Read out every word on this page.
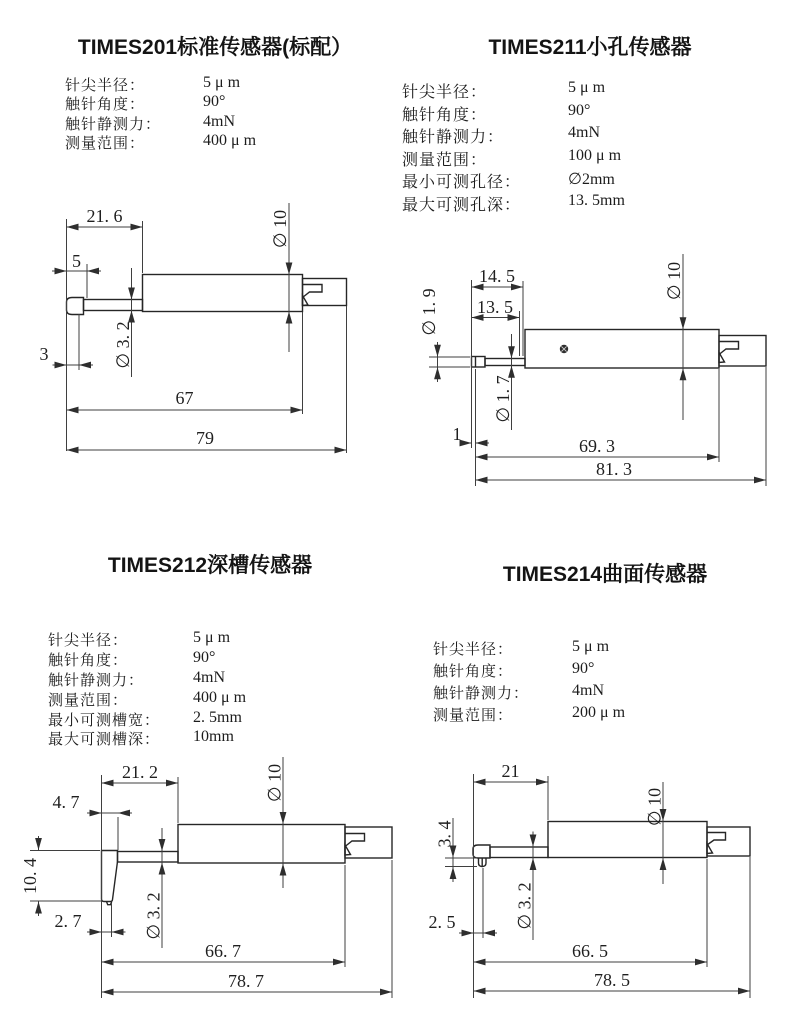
TIMES201标准传感器(标配）
针尖半径：	5 μ m
触针角度：	90°
触针静测力：	4mN
测量范围：	400 μ m
21. 6
5
3
∅ 10
∅ 3. 2
67
79
TIMES211小孔传感器
针尖半径：	5 μ m
触针角度：	90°
触针静测力：	4mN
测量范围：	100 μ m
最小可测孔径：	∅2mm
最大可测孔深：	13. 5mm
14. 5
13. 5
∅ 1. 9
∅ 1. 7
∅ 10
1
69. 3
81. 3
TIMES212深槽传感器
针尖半径：	5 μ m
触针角度：	90°
触针静测力：	4mN
测量范围：	400 μ m
最小可测槽宽： 2. 5mm
最大可测槽深： 10mm
21. 2
4. 7
10. 4
2. 7	∅ 3. 2
∅ 10
66. 7
78. 7
TIMES214曲面传感器
针尖半径：	5 μ m
触针角度：	90°
触针静测力：	4mN
测量范围：	200 μ m
21
3. 4
2. 5	∅ 3. 2
∅ 10
66. 5
78. 5
